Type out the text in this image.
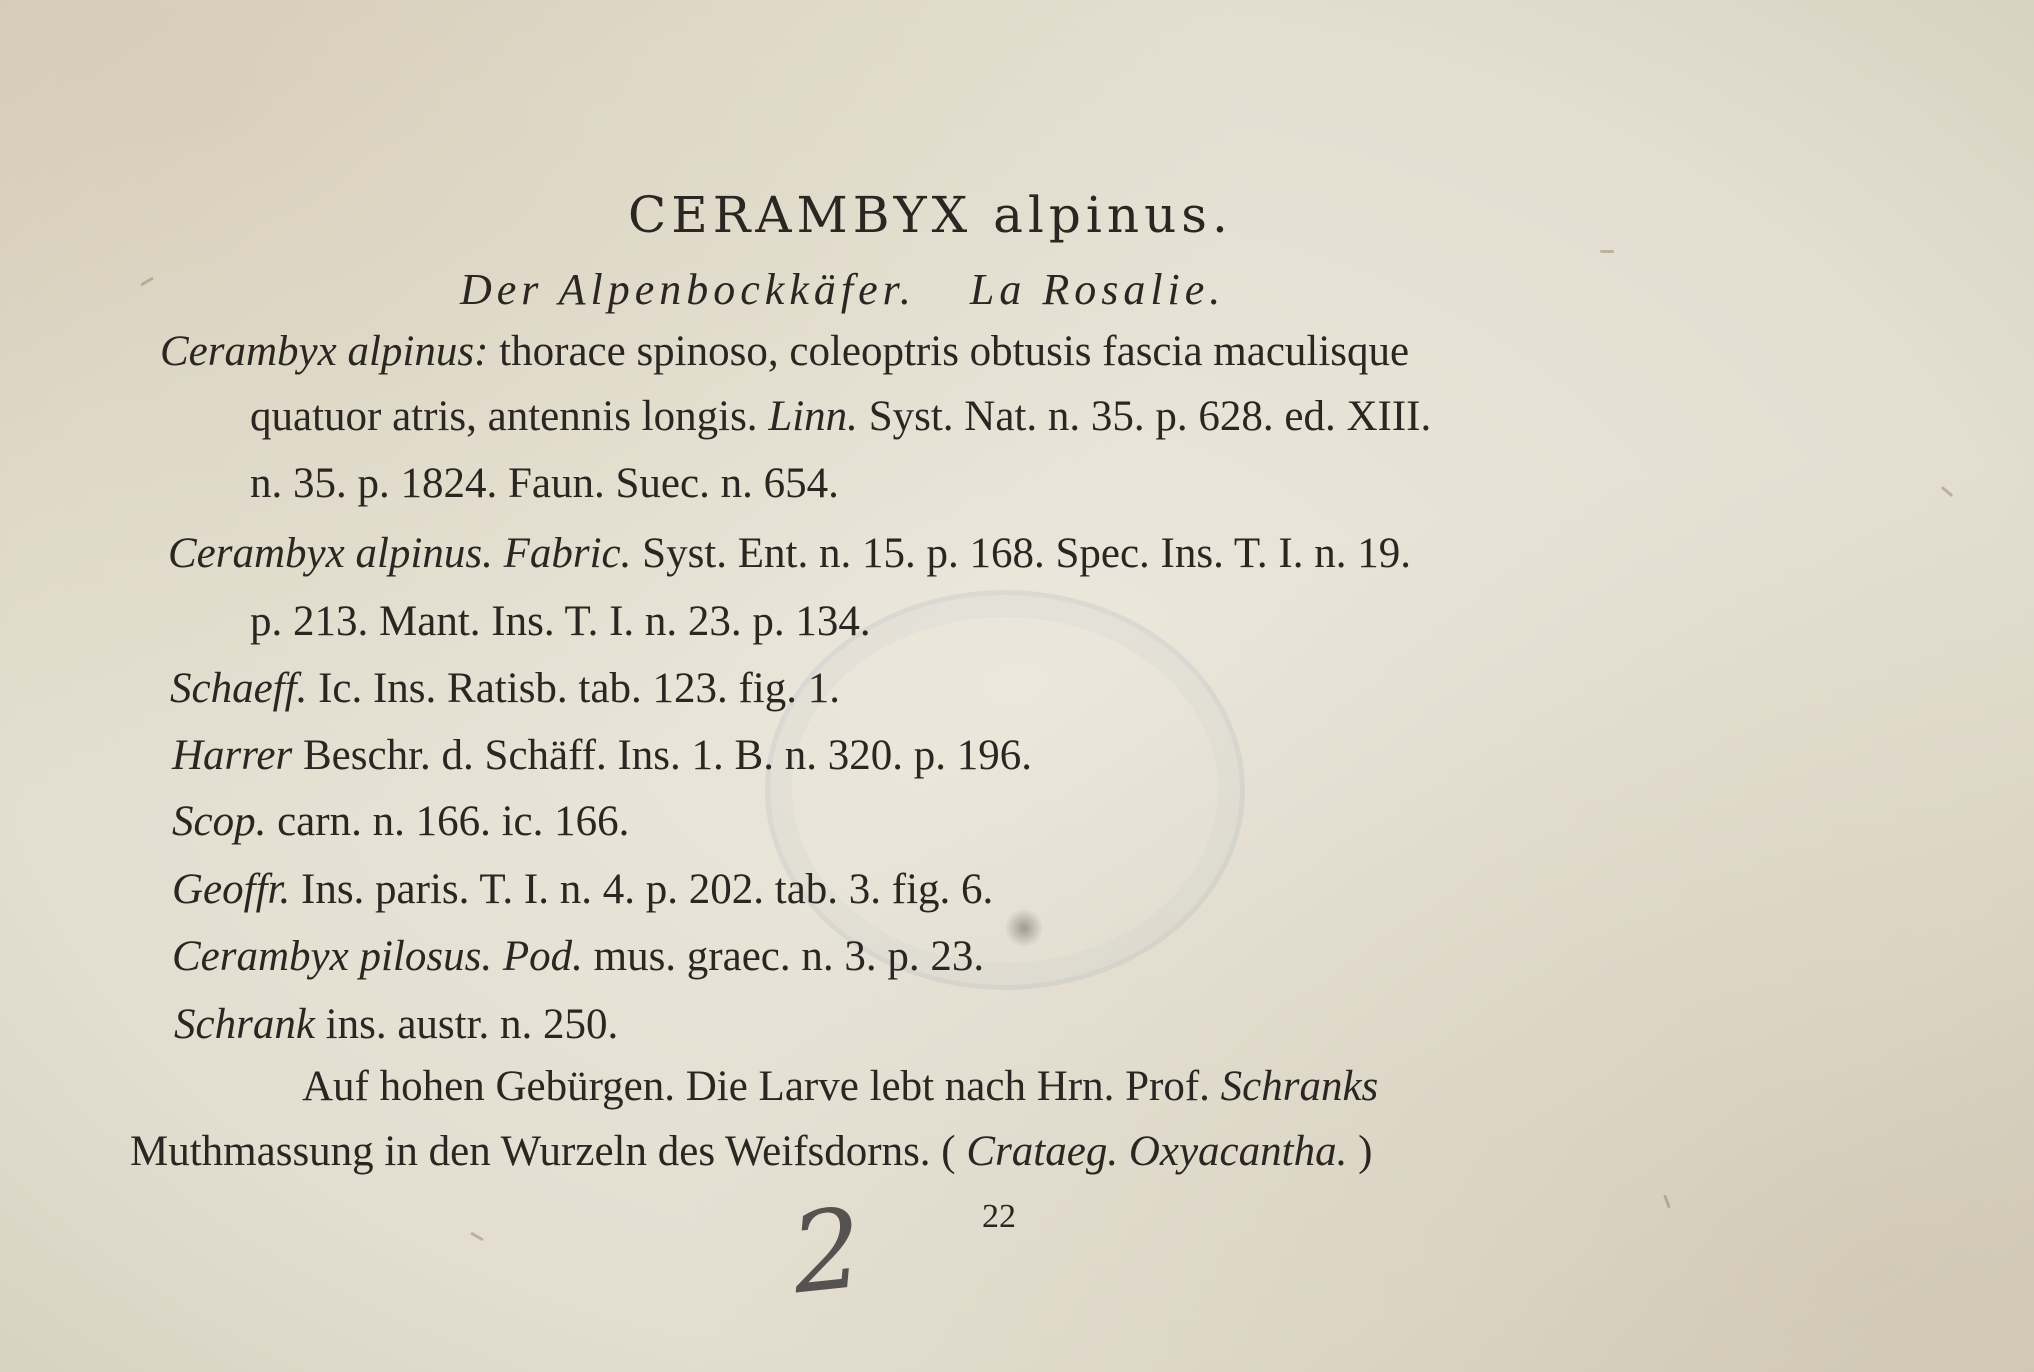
CERAMBYX alpinus.
Der Alpenbockkäfer. La Rosalie.
Cerambyx alpinus: thorace spinoso, coleoptris obtusis fascia maculisque
quatuor atris, antennis longis. Linn. Syst. Nat. n. 35. p. 628. ed. XIII.
n. 35. p. 1824. Faun. Suec. n. 654.
Cerambyx alpinus. Fabric. Syst. Ent. n. 15. p. 168. Spec. Ins. T. I. n. 19.
p. 213. Mant. Ins. T. I. n. 23. p. 134.
Schaeff. Ic. Ins. Ratisb. tab. 123. fig. 1.
Harrer Beschr. d. Schäff. Ins. 1. B. n. 320. p. 196.
Scop. carn. n. 166. ic. 166.
Geoffr. Ins. paris. T. I. n. 4. p. 202. tab. 3. fig. 6.
Cerambyx pilosus. Pod. mus. graec. n. 3. p. 23.
Schrank ins. austr. n. 250.
Auf hohen Gebürgen. Die Larve lebt nach Hrn. Prof. Schranks
Muthmassung in den Wurzeln des Weifsdorns. ( Crataeg. Oxyacantha. )
22
2
